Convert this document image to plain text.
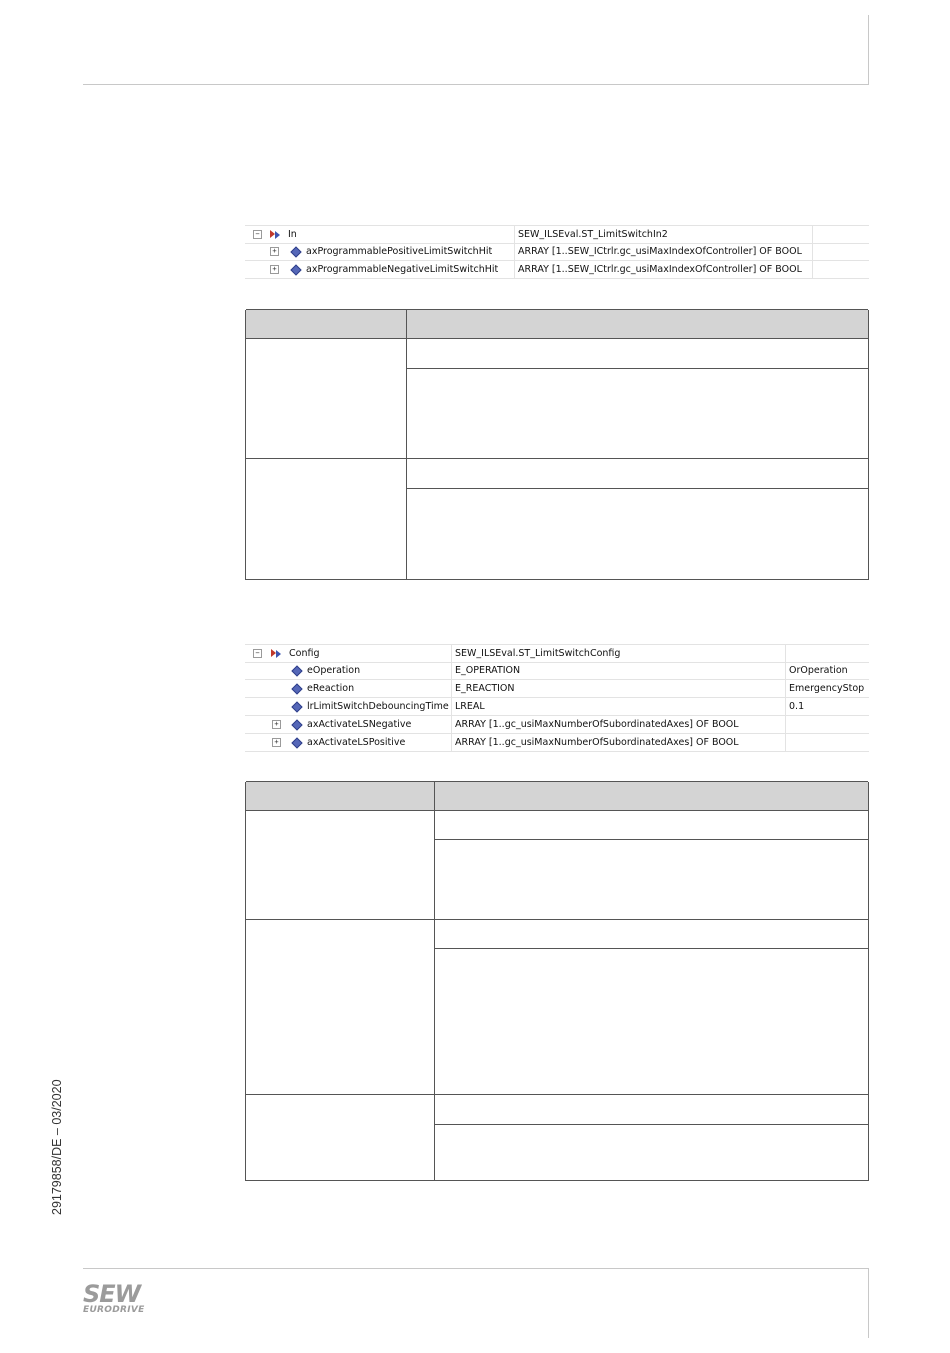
−	In	SEW_ILSEval.ST_LimitSwitchIn2
+	axProgrammablePositiveLimitSwitchHit	ARRAY [1..SEW_ICtrlr.gc_usiMaxIndexOfController] OF BOOL
+	axProgrammableNegativeLimitSwitchHit ARRAY [1..SEW_ICtrlr.gc_usiMaxIndexOfController] OF BOOL
−	Config	SEW_ILSEval.ST_LimitSwitchConfig
eOperation	E_OPERATION	OrOperation
eReaction	E_REACTION	EmergencyStop
lrLimitSwitchDebouncingTime LREAL	0.1
+	axActivateLSNegative	ARRAY [1..gc_usiMaxNumberOfSubordinatedAxes] OF BOOL
+	axActivateLSPositive	ARRAY [1..gc_usiMaxNumberOfSubordinatedAxes] OF BOOL
29179858/DE – 03/2020
SEW
EURODRIVE
